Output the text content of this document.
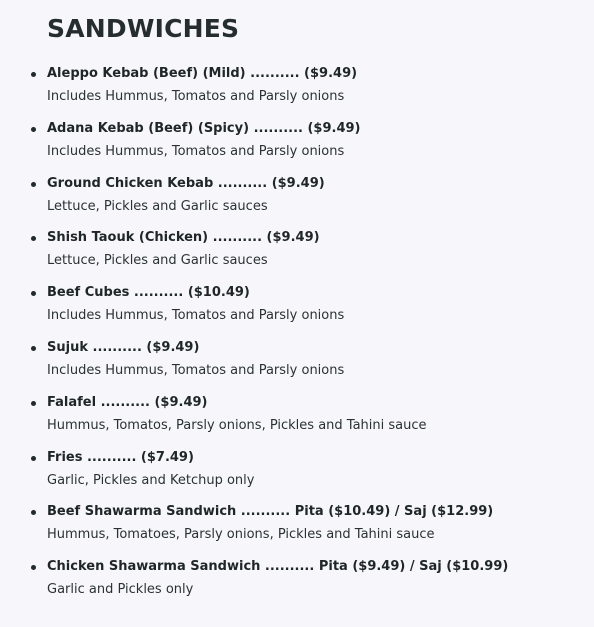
SANDWICHES
Aleppo Kebab (Beef) (Mild) .......... ($9.49)
Includes Hummus, Tomatos and Parsly onions
Adana Kebab (Beef) (Spicy) .......... ($9.49)
Includes Hummus, Tomatos and Parsly onions
Ground Chicken Kebab .......... ($9.49)
Lettuce, Pickles and Garlic sauces
Shish Taouk (Chicken) .......... ($9.49)
Lettuce, Pickles and Garlic sauces
Beef Cubes .......... ($10.49)
Includes Hummus, Tomatos and Parsly onions
Sujuk .......... ($9.49)
Includes Hummus, Tomatos and Parsly onions
Falafel .......... ($9.49)
Hummus, Tomatos, Parsly onions, Pickles and Tahini sauce
Fries .......... ($7.49)
Garlic, Pickles and Ketchup only
Beef Shawarma Sandwich .......... Pita ($10.49) / Saj ($12.99)
Hummus, Tomatoes, Parsly onions, Pickles and Tahini sauce
Chicken Shawarma Sandwich .......... Pita ($9.49) / Saj ($10.99)
Garlic and Pickles only
